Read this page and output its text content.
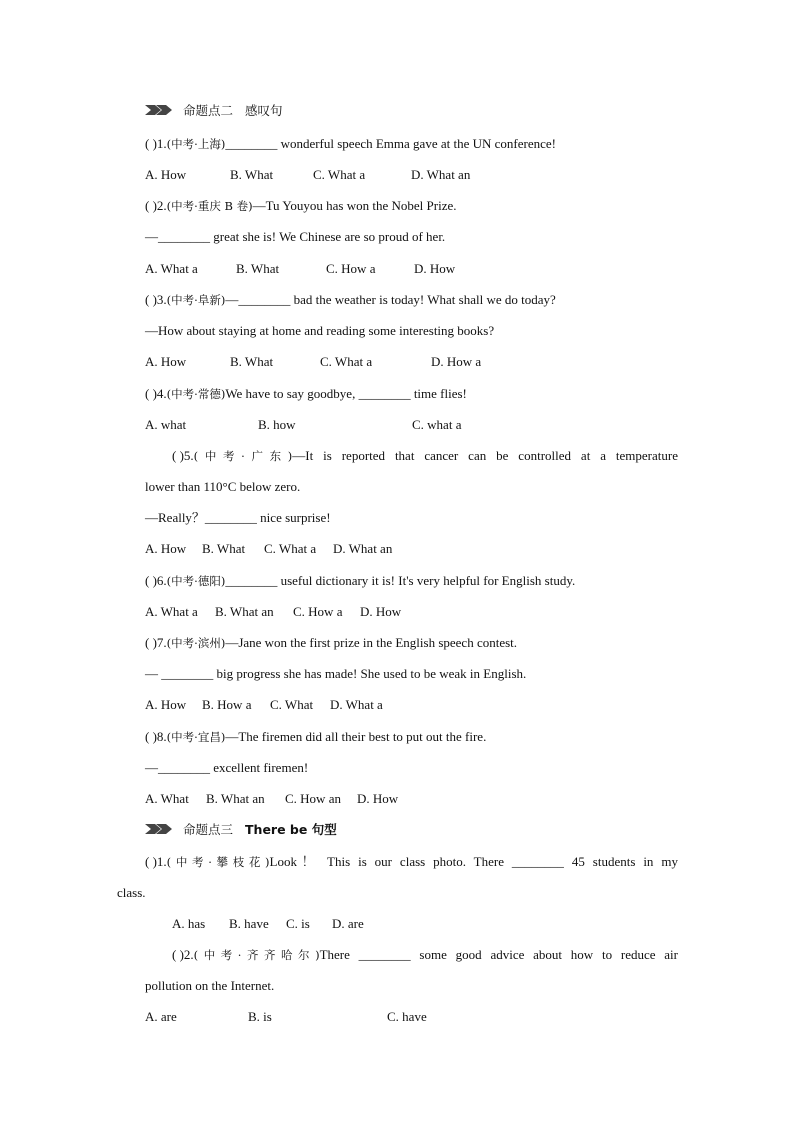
命题点二 感叹句
( )1.(中考·上海)________ wonderful speech Emma gave at the UN conference!
A. How	B. What	C. What a	D. What an
( )2.(中考·重庆 B 卷)—Tu Youyou has won the Nobel Prize.
—________ great she is! We Chinese are so proud of her.
A. What a	B. What	C. How a	D. How
( )3.(中考·阜新)—________ bad the weather is today! What shall we do today?
—How about staying at home and reading some interesting books?
A. How	B. What	C. What a	D. How a
( )4.(中考·常德)We have to say goodbye, ________ time flies!
A. what	B. how	C. what a
( )5.(中考·广东)—It is reported that cancer can be controlled at a temperature
lower than 110°C below zero.
—Really？________ nice surprise!
A. How B. What C. What a D. What an
( )6.(中考·德阳)________ useful dictionary it is! It's very helpful for English study.
A. What a B. What an C. How a D. How
( )7.(中考·滨州)—Jane won the first prize in the English speech contest.
— ________ big progress she has made! She used to be weak in English.
A. How B. How a C. What D. What a
( )8.(中考·宜昌)—The firemen did all their best to put out the fire.
—________ excellent firemen!
A. What B. What an C. How an D. How
命题点三 There be 句型
( )1.(中考·攀枝花)Look！ This is our class photo. There ________ 45 students in my
class.
A. has B. have C. is D. are
( )2.(中考·齐齐哈尔)There ________ some good advice about how to reduce air
pollution on the Internet.
A. are	B. is	C. have
